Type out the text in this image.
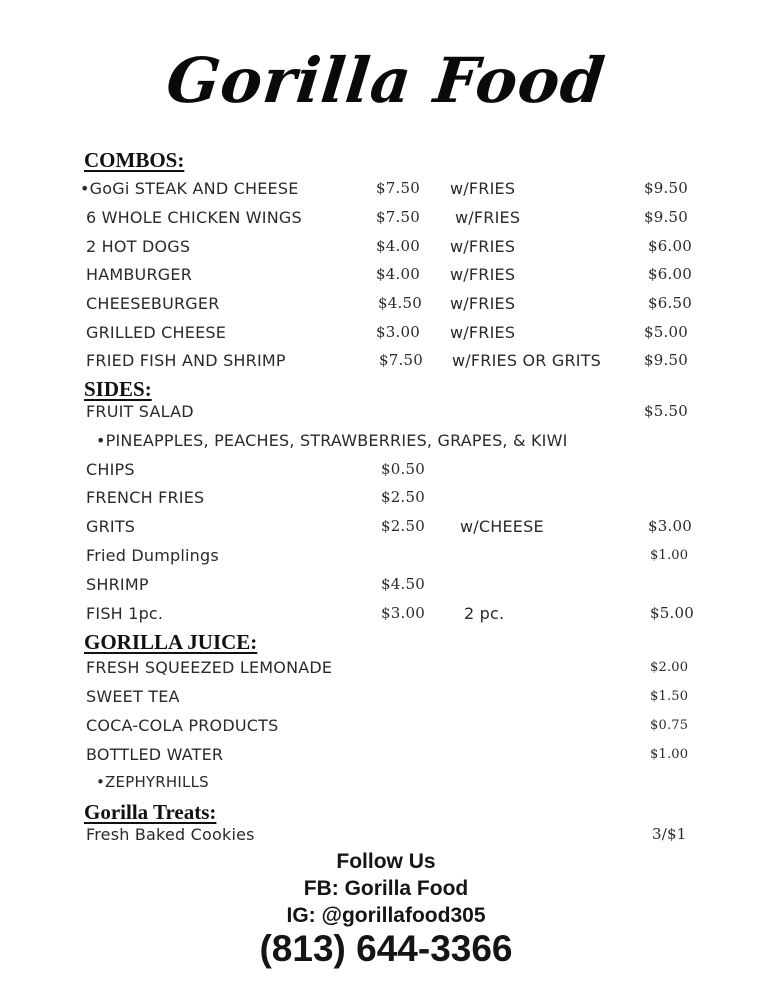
Gorilla Food
COMBOS:
•GoGi STEAK AND CHEESE	$7.50 w/FRIES	$9.50
6 WHOLE CHICKEN WINGS	$7.50 w/FRIES	$9.50
2 HOT DOGS	$4.00 w/FRIES	$6.00
HAMBURGER	$4.00 w/FRIES	$6.00
CHEESEBURGER	$4.50 w/FRIES	$6.50
GRILLED CHEESE	$3.00 w/FRIES	$5.00
FRIED FISH AND SHRIMP	$7.50 w/FRIES OR GRITS	$9.50
SIDES:
FRUIT SALAD	$5.50
•PINEAPPLES, PEACHES, STRAWBERRIES, GRAPES, & KIWI
CHIPS	$0.50
FRENCH FRIES	$2.50
GRITS	$2.50 w/CHEESE	$3.00
Fried Dumplings	$1.00
SHRIMP	$4.50
FISH 1pc.	$3.00 2 pc.	$5.00
GORILLA JUICE:
FRESH SQUEEZED LEMONADE	$2.00
SWEET TEA	$1.50
COCA-COLA PRODUCTS	$0.75
BOTTLED WATER	$1.00
•ZEPHYRHILLS
Gorilla Treats:
Fresh Baked Cookies	3/$1
Follow Us
FB: Gorilla Food
IG: @gorillafood305
(813) 644-3366
